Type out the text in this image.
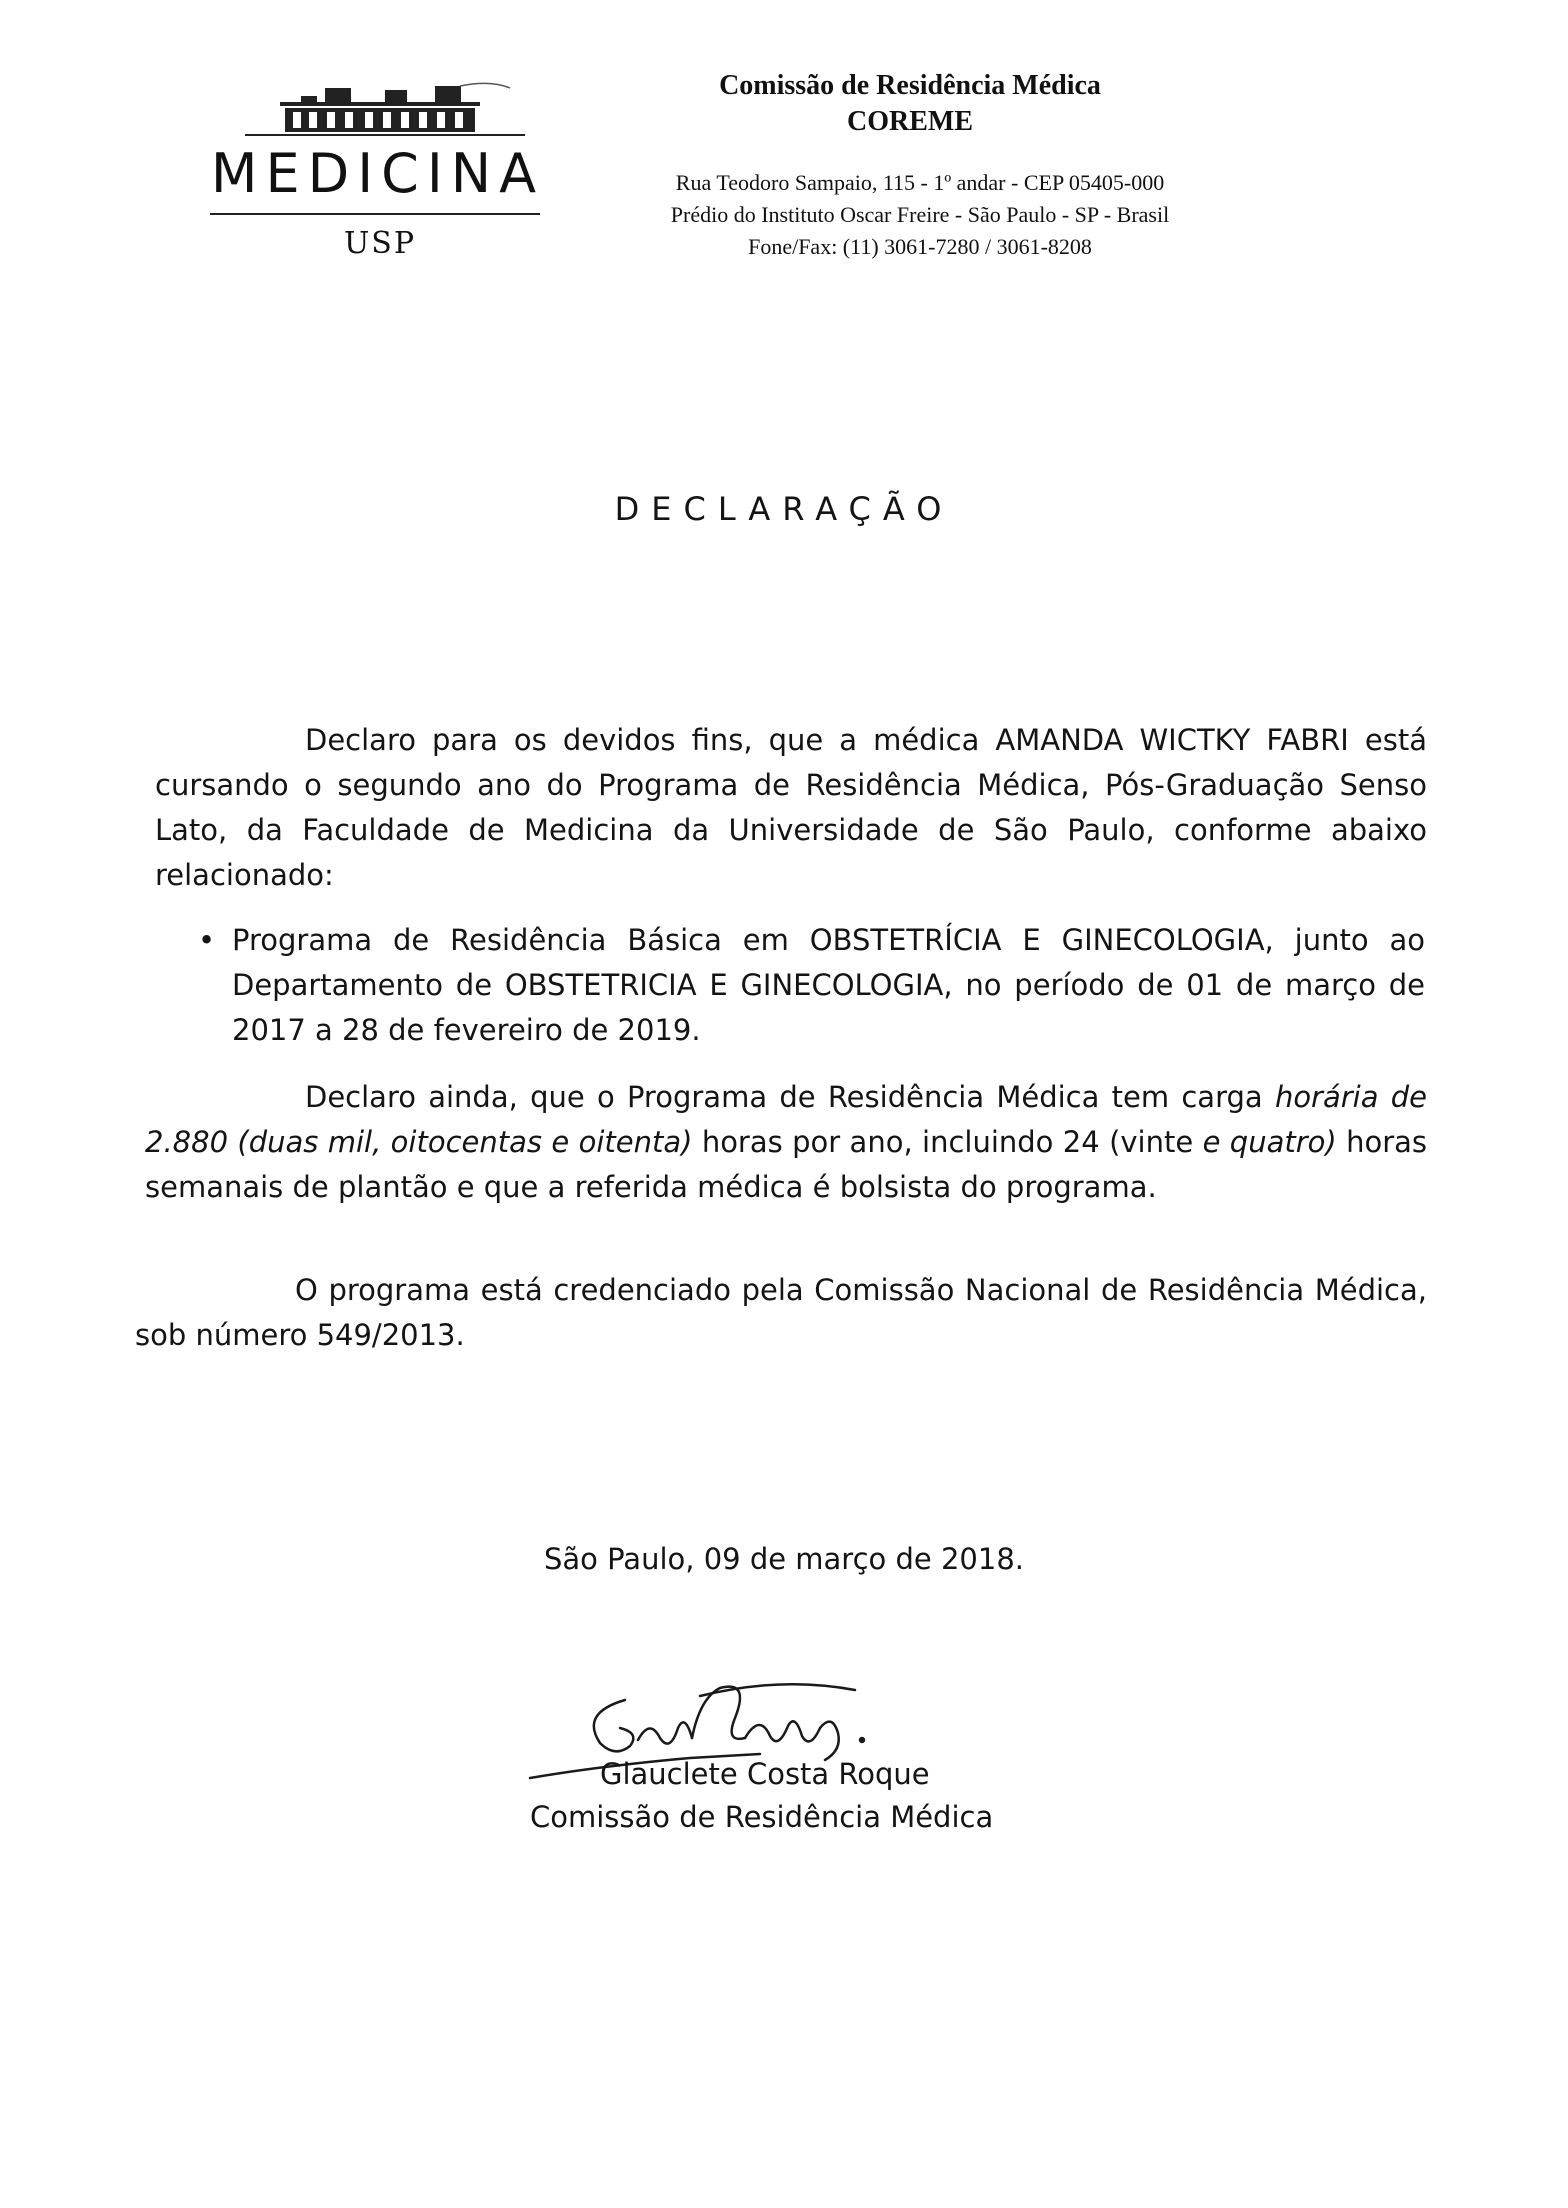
MEDICINA
USP
Comissão de Residência Médica
COREME
Rua Teodoro Sampaio, 115 - 1º andar - CEP 05405-000
Prédio do Instituto Oscar Freire - São Paulo - SP - Brasil
Fone/Fax: (11) 3061-7280 / 3061-8208
DECLARAÇÃO
Declaro para os devidos fins, que a médica AMANDA WICTKY FABRI está cursando o segundo ano do Programa de Residência Médica, Pós-Graduação Senso Lato, da Faculdade de Medicina da Universidade de São Paulo, conforme abaixo relacionado:
• Programa de Residência Básica em OBSTETRÍCIA E GINECOLOGIA, junto ao Departamento de OBSTETRICIA E GINECOLOGIA, no período de 01 de março de 2017 a 28 de fevereiro de 2019.
Declaro ainda, que o Programa de Residência Médica tem carga horária de 2.880 (duas mil, oitocentas e oitenta) horas por ano, incluindo 24 (vinte e quatro) horas semanais de plantão e que a referida médica é bolsista do programa.
O programa está credenciado pela Comissão Nacional de Residência Médica, sob número 549/2013.
São Paulo, 09 de março de 2018.
Glauclete Costa Roque
Comissão de Residência Médica
